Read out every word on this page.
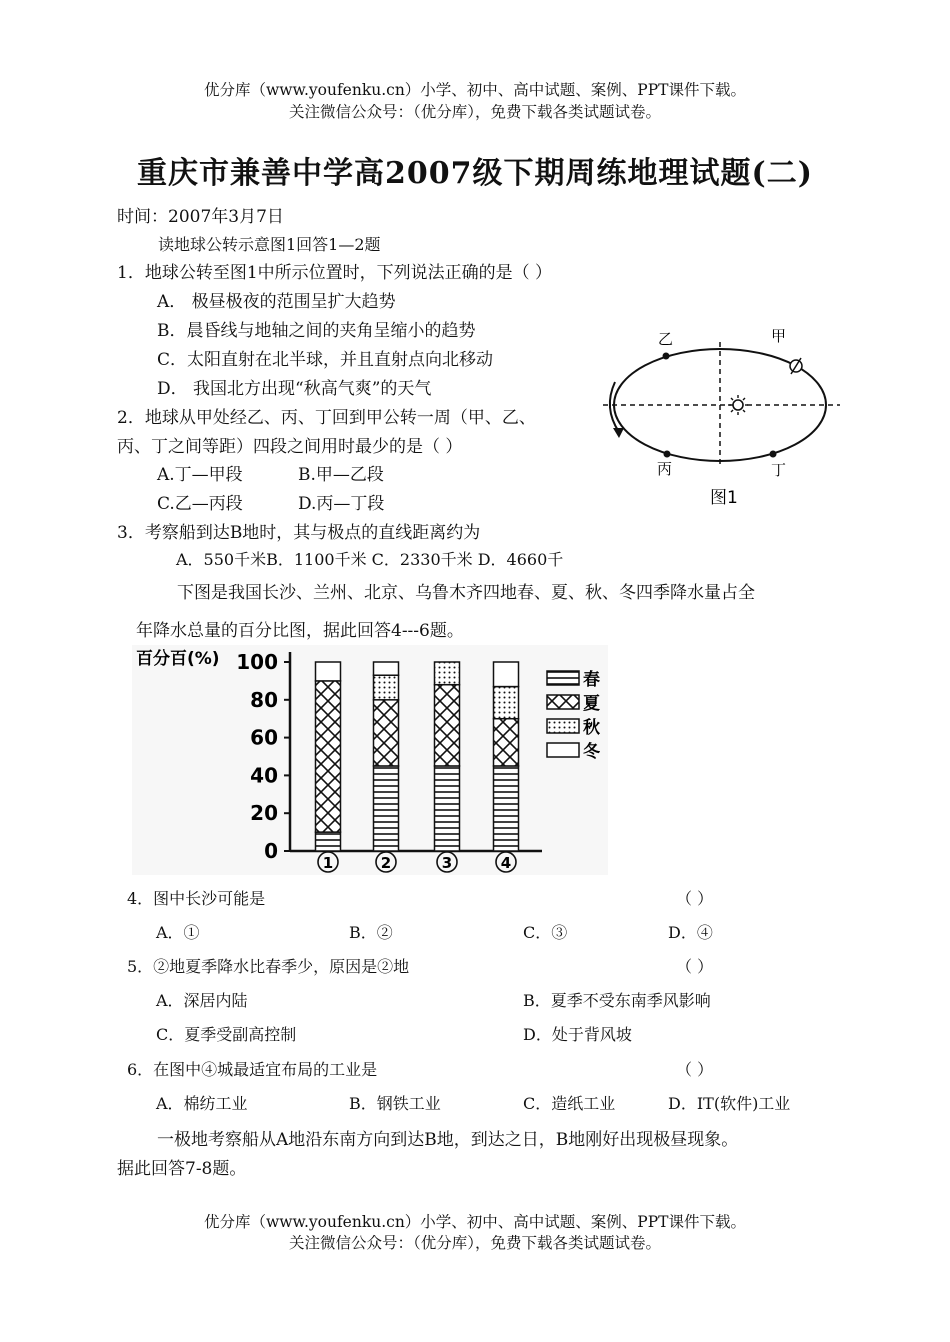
优分库（www.youfenku.cn）小学、初中、高中试题、案例、PPT课件下载。
关注微信公众号：（优分库），免费下载各类试题试卷。
重庆市兼善中学高2007级下期周练地理试题(二)
时间：2007年3月7日
读地球公转示意图1回答1—2题
1．地球公转至图1中所示位置时，下列说法正确的是（ ）
A． 极昼极夜的范围呈扩大趋势
B．晨昏线与地轴之间的夹角呈缩小的趋势
C．太阳直射在北半球，并且直射点向北移动
D． 我国北方出现“秋高气爽”的天气
2．地球从甲处经乙、丙、丁回到甲公转一周（甲、乙、
丙、丁之间等距）四段之间用时最少的是（ ）
A.丁—甲段	B.甲—乙段
C.乙—丙段	D.丙—丁段
乙	甲
丙	丁
图1
3．考察船到达B地时，其与极点的直线距离约为
A．550千米B．1100千米 C．2330千米 D．4660千
下图是我国长沙、兰州、北京、乌鲁木齐四地春、夏、秋、冬四季降水量占全
年降水总量的百分比图，据此回答4---6题。
百分百(%)
0
20
40
60
80
100
1	2	3	4
春
夏
秋
冬
4．图中长沙可能是	（ ）
A．①	B．②	C．③	D．④
5．②地夏季降水比春季少，原因是②地	（ ）
A．深居内陆	B．夏季不受东南季风影响
C．夏季受副高控制	D．处于背风坡
6．在图中④城最适宜布局的工业是	（ ）
A．棉纺工业	B．钢铁工业	C．造纸工业	D．IT(软件)工业
一极地考察船从A地沿东南方向到达B地，到达之日，B地刚好出现极昼现象。
据此回答7-8题。
优分库（www.youfenku.cn）小学、初中、高中试题、案例、PPT课件下载。
关注微信公众号：（优分库），免费下载各类试题试卷。
